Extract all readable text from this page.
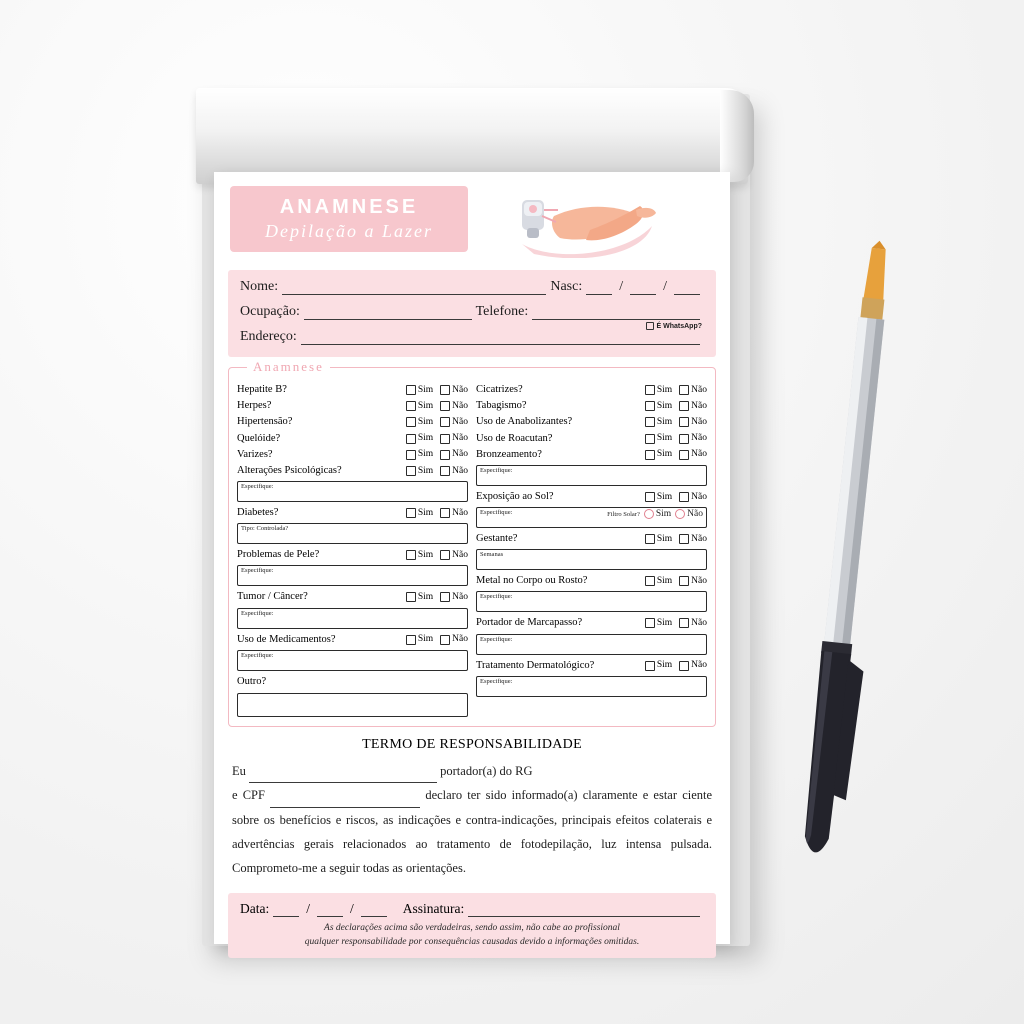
ANAMNESE
Depilação a Lazer
Nome:	Nasc:	/	/
Ocupação:	Telefone:
É WhatsApp?
Endereço:
Anamnese
Hepatite B?	Sim Não
Herpes?	Sim Não
Hipertensão?	Sim Não
Quelóide?	Sim Não
Varizes?	Sim Não
Alterações Psicológicas?	Sim Não
Especifique:
Diabetes?	Sim Não
Tipo: Controlada?
Problemas de Pele?	Sim Não
Especifique:
Tumor / Câncer?	Sim Não
Especifique:
Uso de Medicamentos?	Sim Não
Especifique:
Outro?
Cicatrizes?	Sim Não
Tabagismo?	Sim Não
Uso de Anabolizantes?	Sim Não
Uso de Roacutan?	Sim Não
Bronzeamento?	Sim Não
Especifique:
Exposição ao Sol?	Sim Não
Especifique:	Filtro Solar? Sim Não
Gestante?	Sim Não
Semanas
Metal no Corpo ou Rosto?	Sim Não
Especifique:
Portador de Marcapasso?	Sim Não
Especifique:
Tratamento Dermatológico?	Sim Não
Especifique:
TERMO DE RESPONSABILIDADE
Eu	portador(a) do RG
e CPF	declaro ter sido informado(a) claramente e estar ciente sobre os benefícios e riscos, as indicações e contra-indicações, principais efeitos colaterais e advertências gerais relacionados ao tratamento de fotodepilação, luz intensa pulsada. Comprometo-me a seguir todas as orientações.
Data:	/	/	Assinatura:
As declarações acima são verdadeiras, sendo assim, não cabe ao profissional
qualquer responsabilidade por consequências causadas devido a informações omitidas.
